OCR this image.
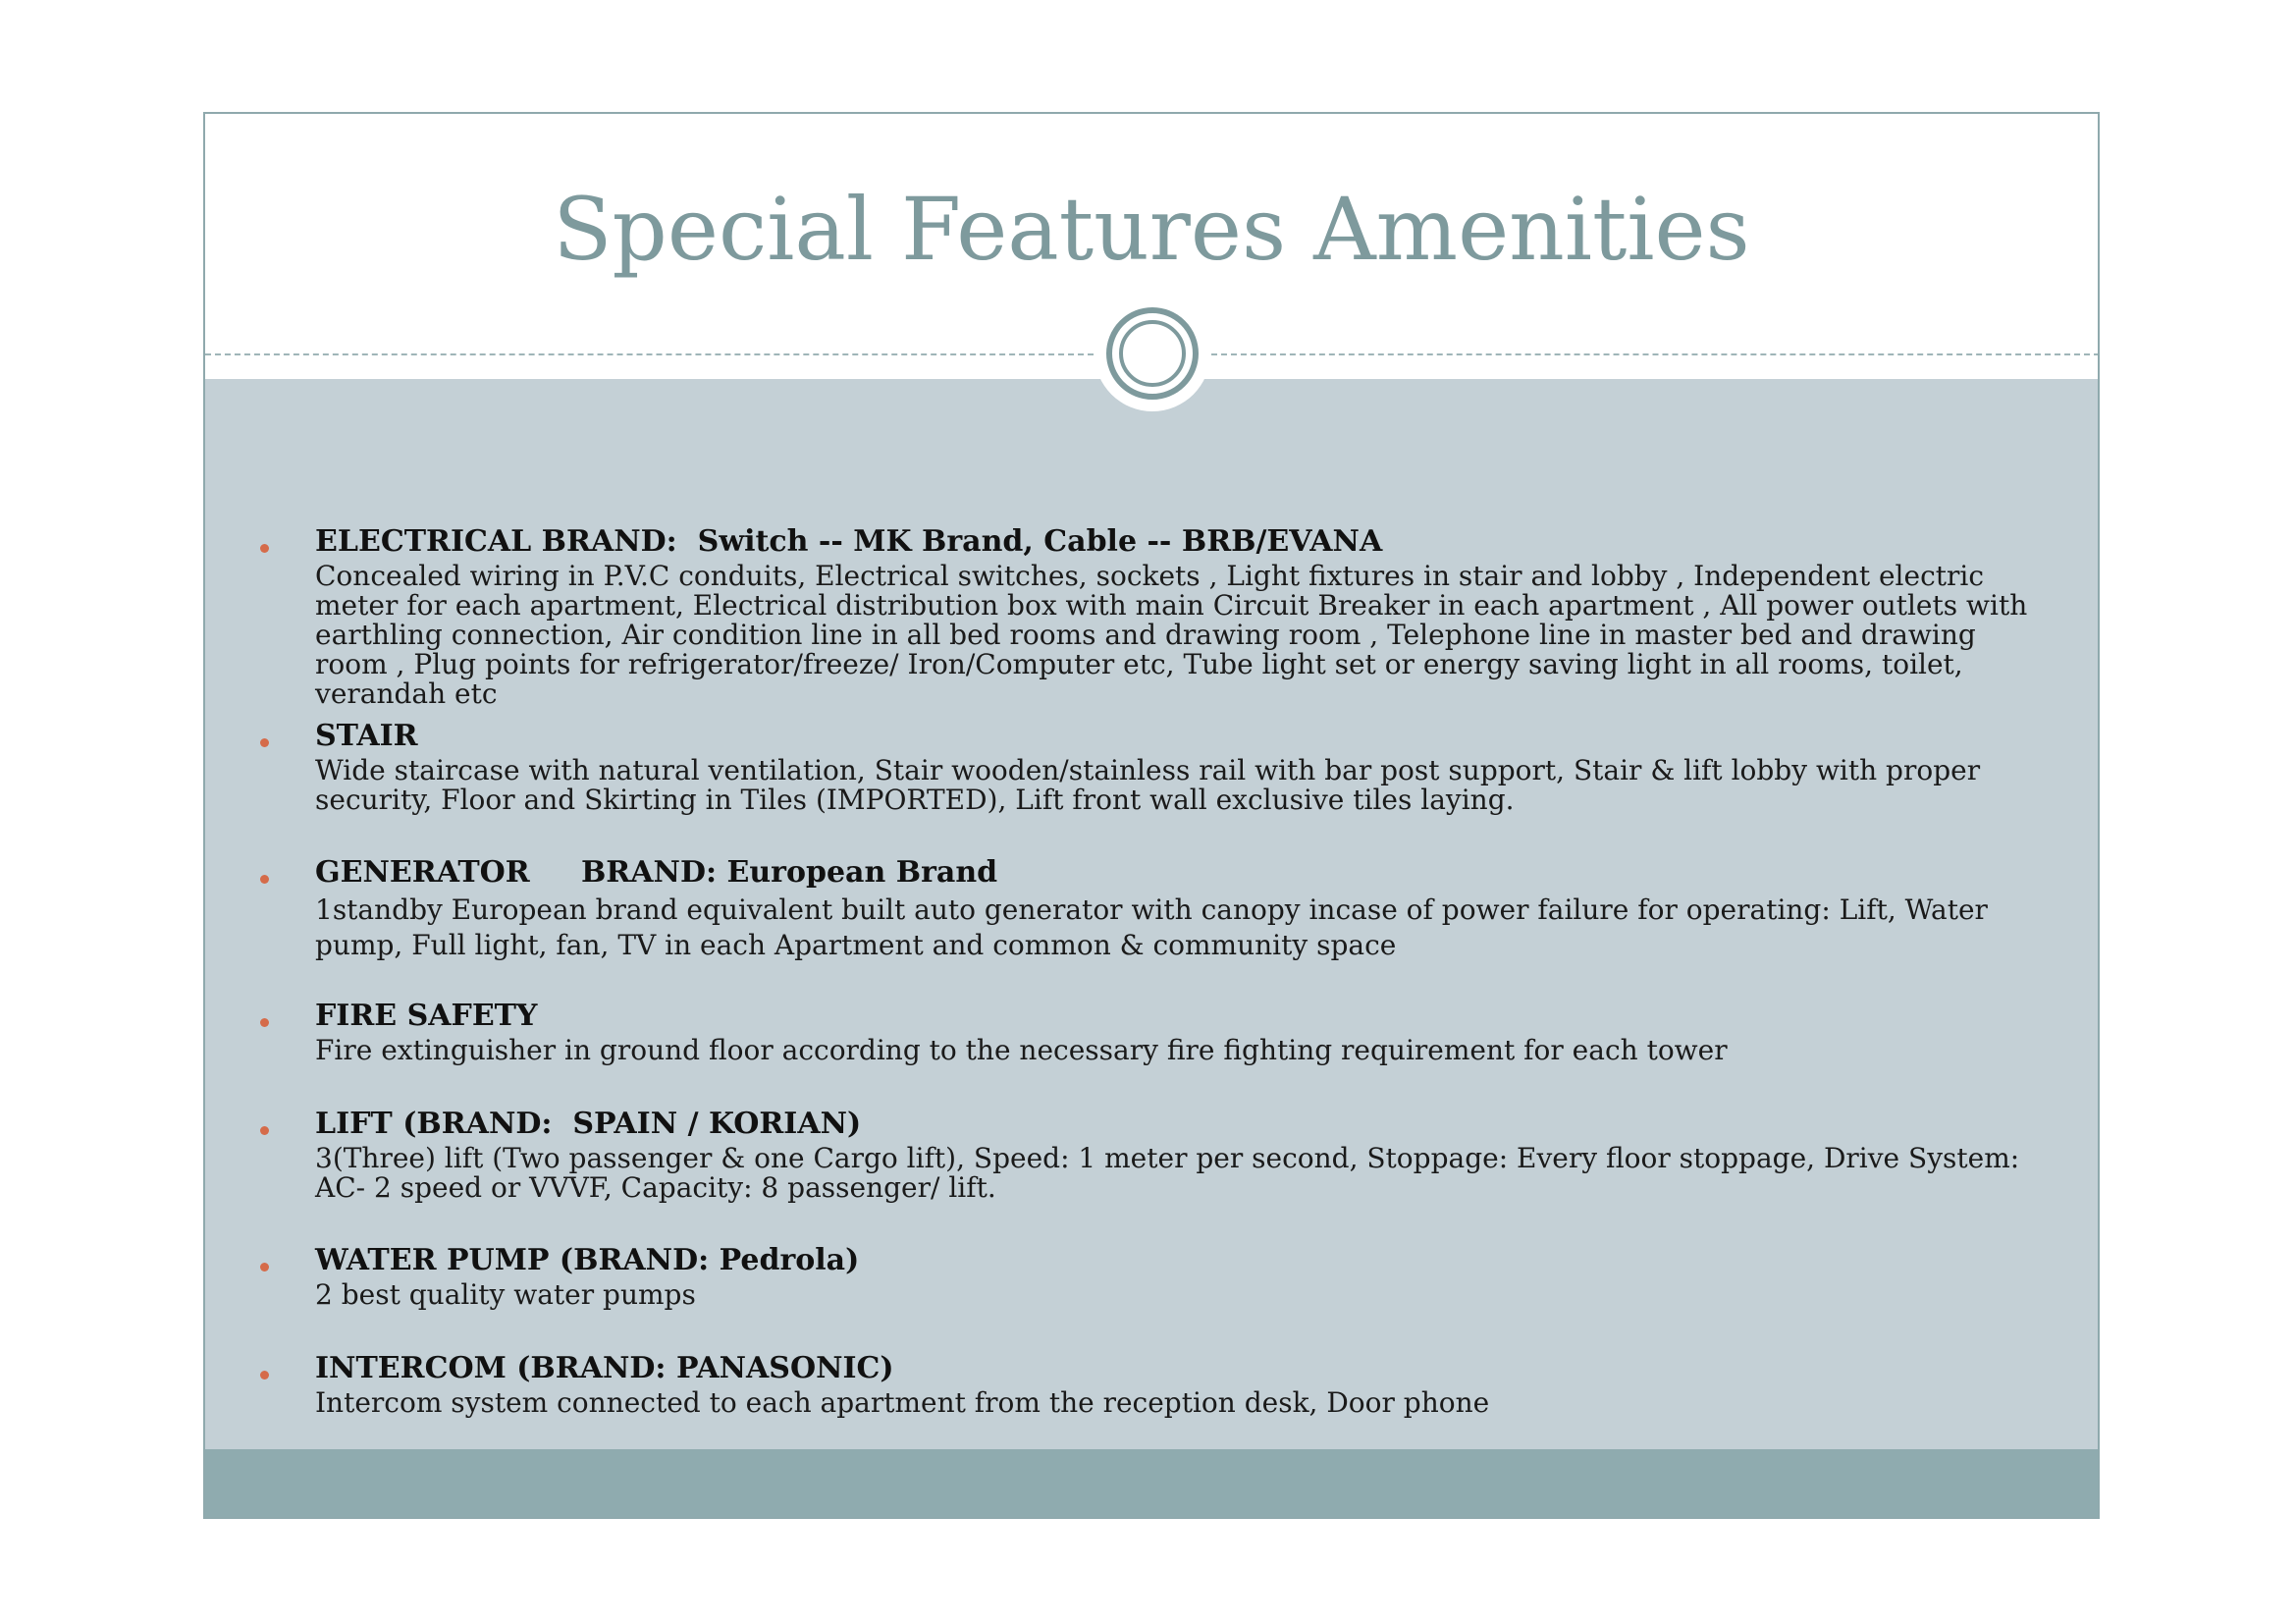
Special Features Amenities
ELECTRICAL BRAND:  Switch -- MK Brand, Cable -- BRB/EVANA
Concealed wiring in P.V.C conduits, Electrical switches, sockets , Light fixtures in stair and lobby , Independent electric meter for each apartment, Electrical distribution box with main Circuit Breaker in each apartment , All power outlets with earthling connection, Air condition line in all bed rooms and drawing room , Telephone line in master bed and drawing room , Plug points for refrigerator/freeze/ Iron/Computer etc, Tube light set or energy saving light in all rooms, toilet, verandah etc
STAIR
Wide staircase with natural ventilation, Stair wooden/stainless rail with bar post support, Stair & lift lobby with proper security, Floor and Skirting in Tiles (IMPORTED), Lift front wall exclusive tiles laying.
GENERATOR     BRAND: European Brand
1standby European brand equivalent built auto generator with canopy incase of power failure for operating: Lift, Water pump, Full light, fan, TV in each Apartment and common & community space
FIRE SAFETY
Fire extinguisher in ground floor according to the necessary fire fighting requirement for each tower
LIFT (BRAND:  SPAIN / KORIAN)
3(Three) lift (Two passenger & one Cargo lift), Speed: 1 meter per second, Stoppage: Every floor stoppage, Drive System: AC- 2 speed or VVVF, Capacity: 8 passenger/ lift.
WATER PUMP (BRAND: Pedrola)
2 best quality water pumps
INTERCOM (BRAND: PANASONIC)
Intercom system connected to each apartment from the reception desk, Door phone
